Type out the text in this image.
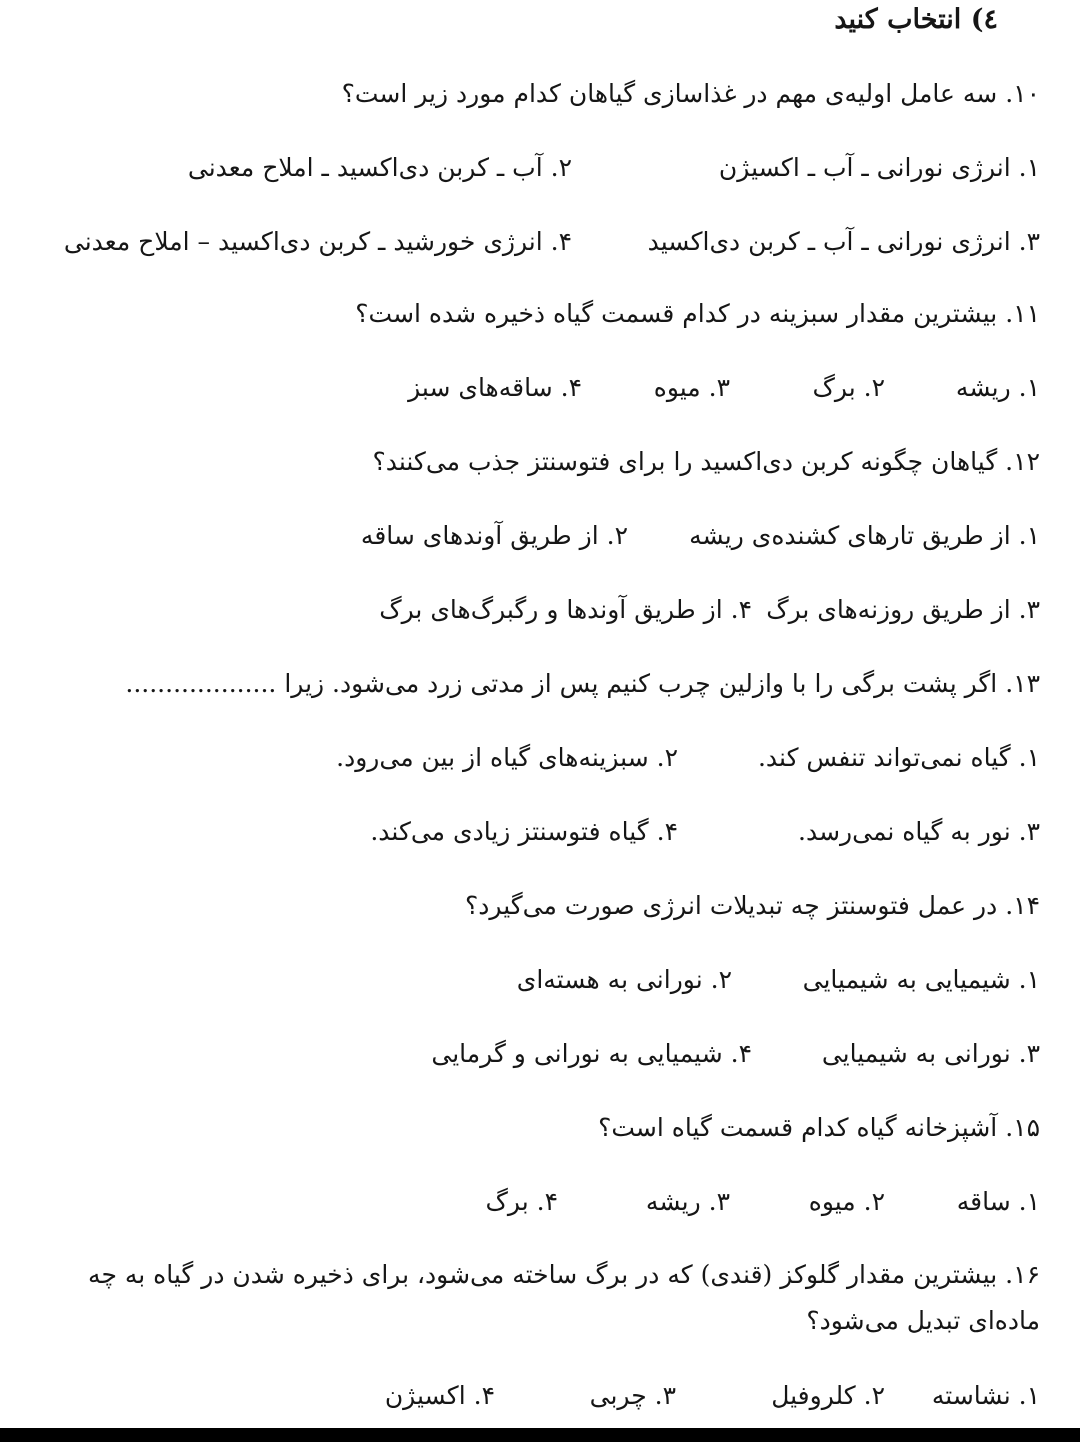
٤) انتخاب کنید
۱۰. سه عامل اولیه‌ی مهم در غذاسازی گیاهان کدام مورد زیر است؟
۱. انرژی نورانی ـ آب ـ اکسیژن
۲. آب ـ کربن دی‌اکسید ـ املاح معدنی
۳. انرژی نورانی ـ آب ـ کربن دی‌اکسید
۴. انرژی خورشید ـ کربن دی‌اکسید – املاح معدنی
۱۱. بیشترین مقدار سبزینه در کدام قسمت گیاه ذخیره شده است؟
۱. ریشه
۲. برگ
۳. میوه
۴. ساقه‌های سبز
۱۲. گیاهان چگونه کربن دی‌اکسید را برای فتوسنتز جذب می‌کنند؟
۱. از طریق تارهای کشنده‌ی ریشه
۲. از طریق آوندهای ساقه
۳. از طریق روزنه‌های برگ
۴. از طریق آوندها و رگبرگ‌های برگ
۱۳. اگر پشت برگی را با وازلین چرب کنیم پس از مدتی زرد می‌شود. زیرا ...................
۱. گیاه نمی‌تواند تنفس کند.
۲. سبزینه‌های گیاه از بین می‌رود.
۳. نور به گیاه نمی‌رسد.
۴. گیاه فتوسنتز زیادی می‌کند.
۱۴. در عمل فتوسنتز چه تبدیلات انرژی صورت می‌گیرد؟
۱. شیمیایی به شیمیایی
۲. نورانی به هسته‌ای
۳. نورانی به شیمیایی
۴. شیمیایی به نورانی و گرمایی
۱۵. آشپزخانه گیاه کدام قسمت گیاه است؟
۱. ساقه
۲. میوه
۳. ریشه
۴. برگ
۱۶. بیشترین مقدار گلوکز (قندی) که در برگ ساخته می‌شود، برای ذخیره شدن در گیاه به چه ماده‌ای تبدیل می‌شود؟
۱. نشاسته
۲. کلروفیل
۳. چربی
۴. اکسیژن
